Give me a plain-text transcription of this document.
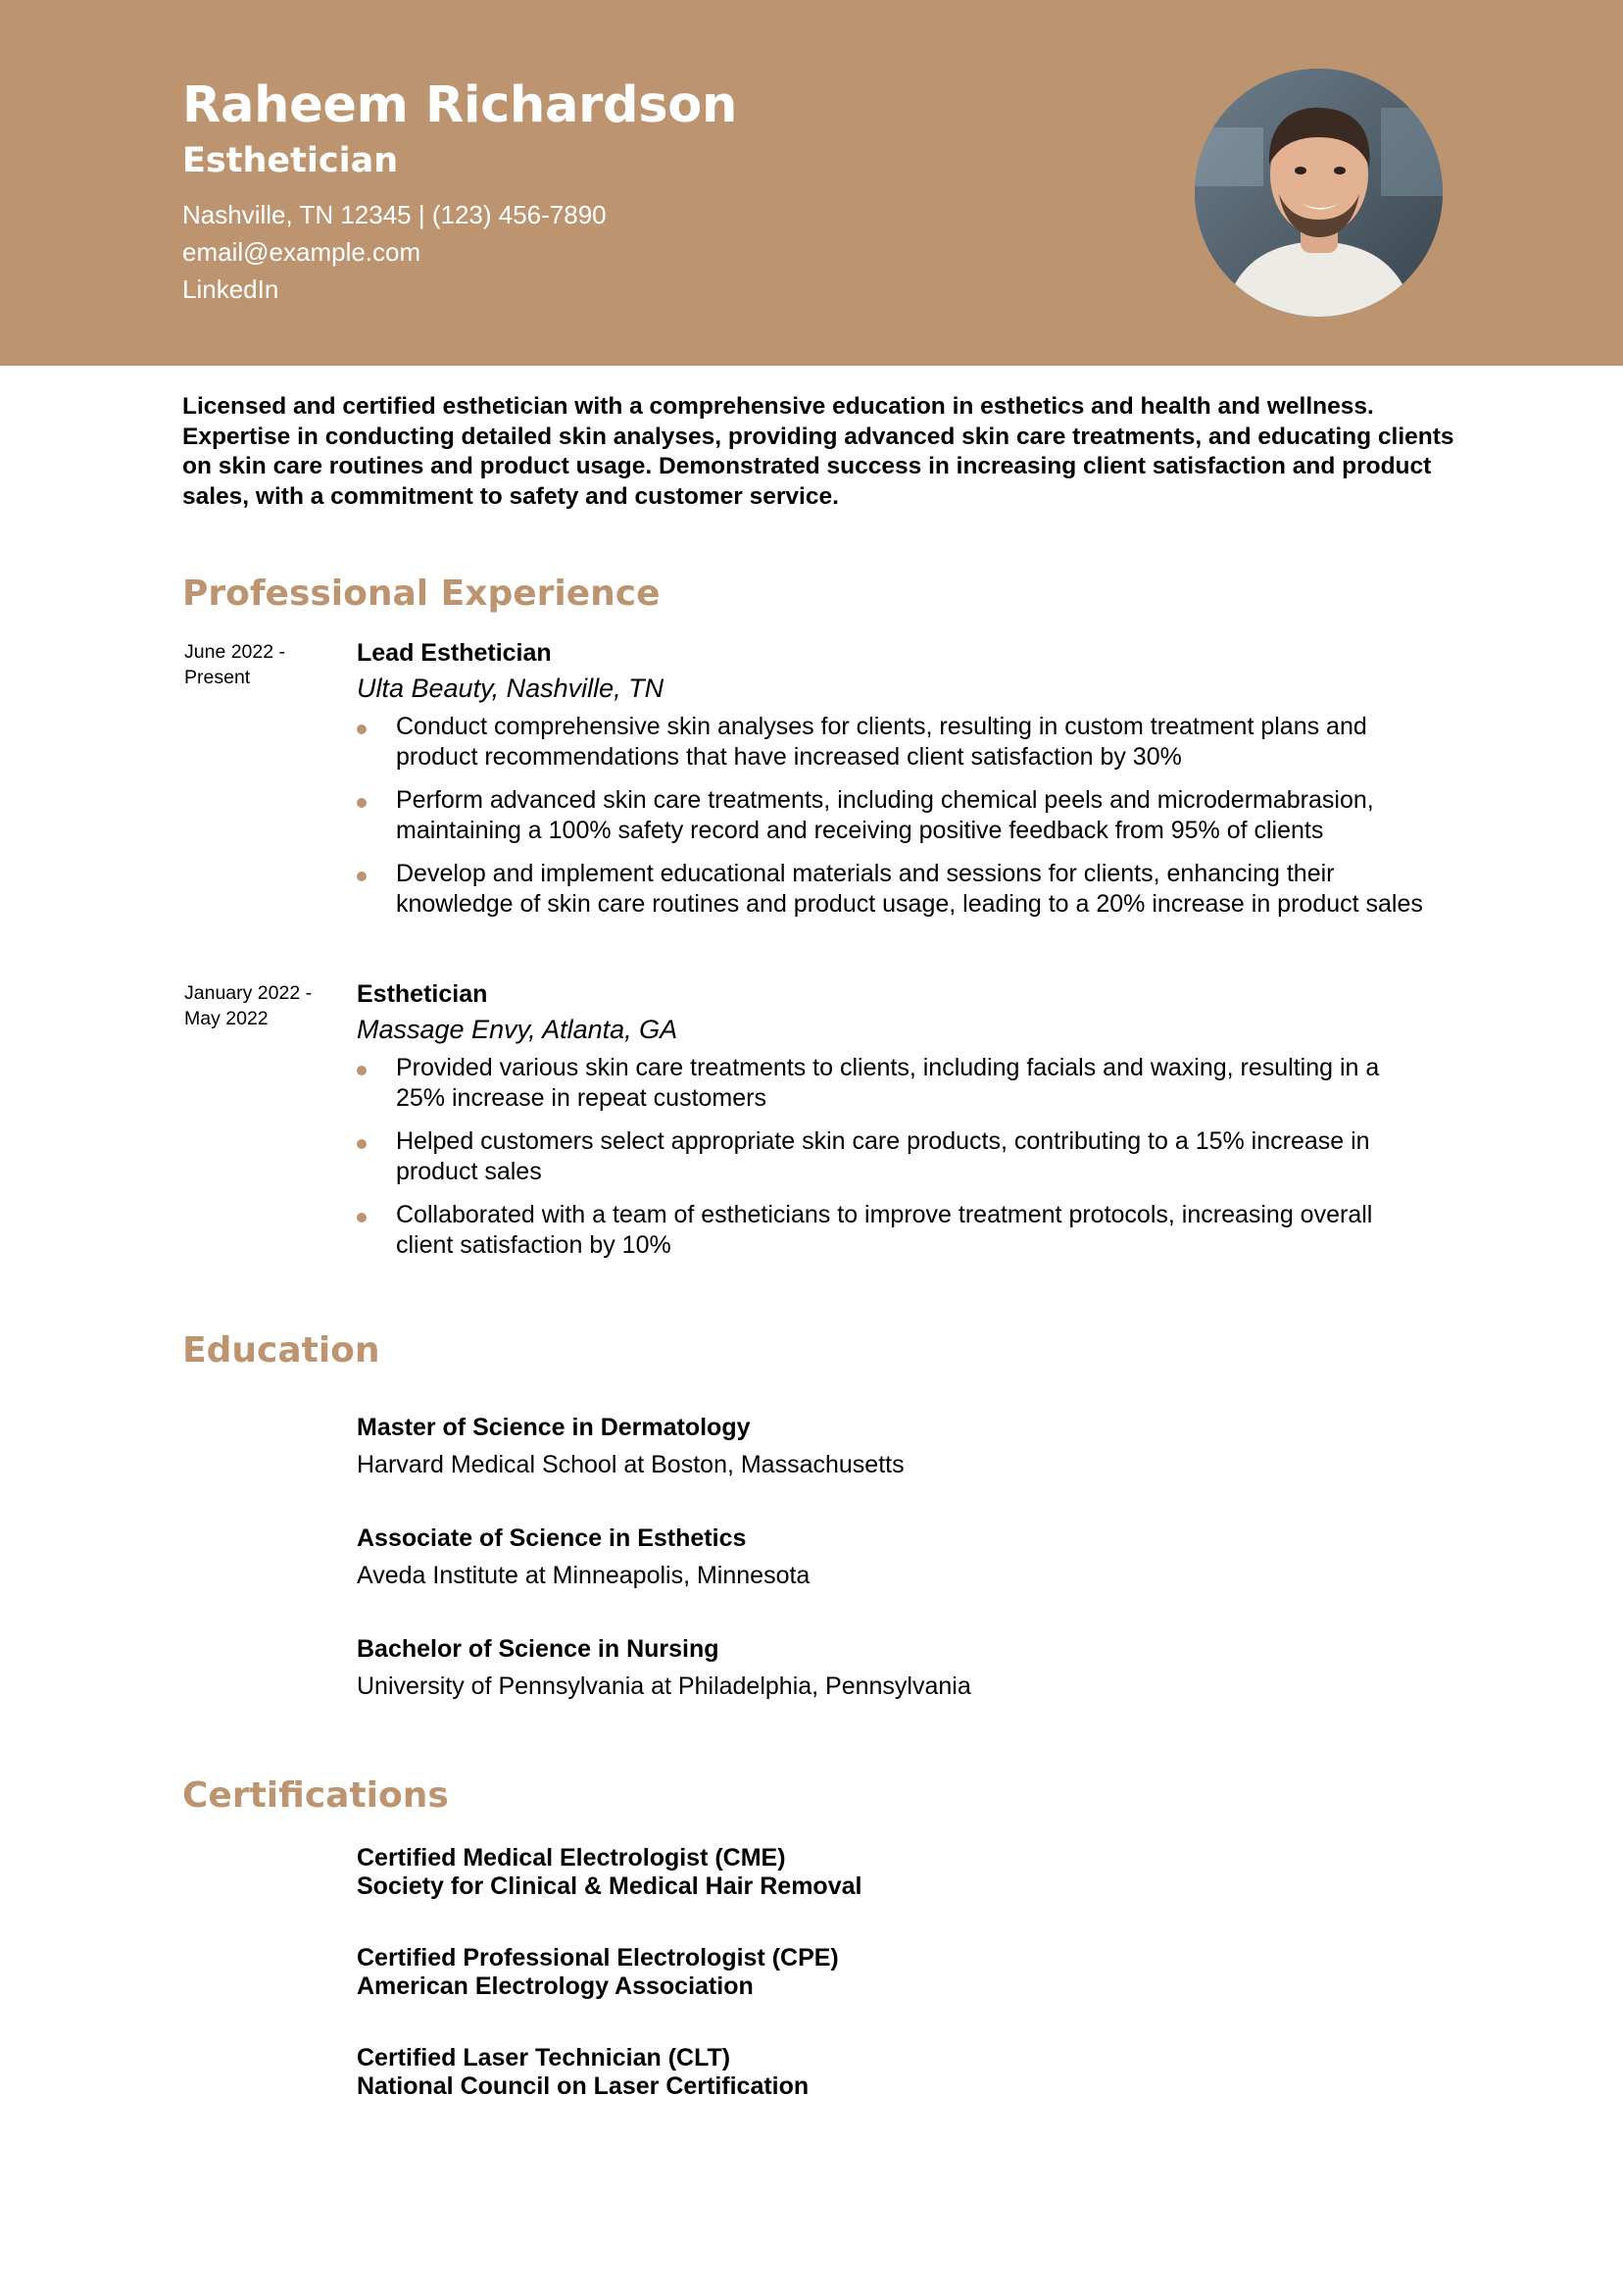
Raheem Richardson
Esthetician
Nashville, TN 12345 | (123) 456-7890
email@example.com
LinkedIn
Licensed and certified esthetician with a comprehensive education in esthetics and health and wellness. Expertise in conducting detailed skin analyses, providing advanced skin care treatments, and educating clients on skin care routines and product usage. Demonstrated success in increasing client satisfaction and product sales, with a commitment to safety and customer service.
Professional Experience
June 2022 - Present
Lead Esthetician
Ulta Beauty, Nashville, TN
Conduct comprehensive skin analyses for clients, resulting in custom treatment plans and product recommendations that have increased client satisfaction by 30%
Perform advanced skin care treatments, including chemical peels and microdermabrasion, maintaining a 100% safety record and receiving positive feedback from 95% of clients
Develop and implement educational materials and sessions for clients, enhancing their knowledge of skin care routines and product usage, leading to a 20% increase in product sales
January 2022 - May 2022
Esthetician
Massage Envy, Atlanta, GA
Provided various skin care treatments to clients, including facials and waxing, resulting in a 25% increase in repeat customers
Helped customers select appropriate skin care products, contributing to a 15% increase in product sales
Collaborated with a team of estheticians to improve treatment protocols, increasing overall client satisfaction by 10%
Education
Master of Science in Dermatology
Harvard Medical School at Boston, Massachusetts
Associate of Science in Esthetics
Aveda Institute at Minneapolis, Minnesota
Bachelor of Science in Nursing
University of Pennsylvania at Philadelphia, Pennsylvania
Certifications
Certified Medical Electrologist (CME)
Society for Clinical & Medical Hair Removal
Certified Professional Electrologist (CPE)
American Electrology Association
Certified Laser Technician (CLT)
National Council on Laser Certification
